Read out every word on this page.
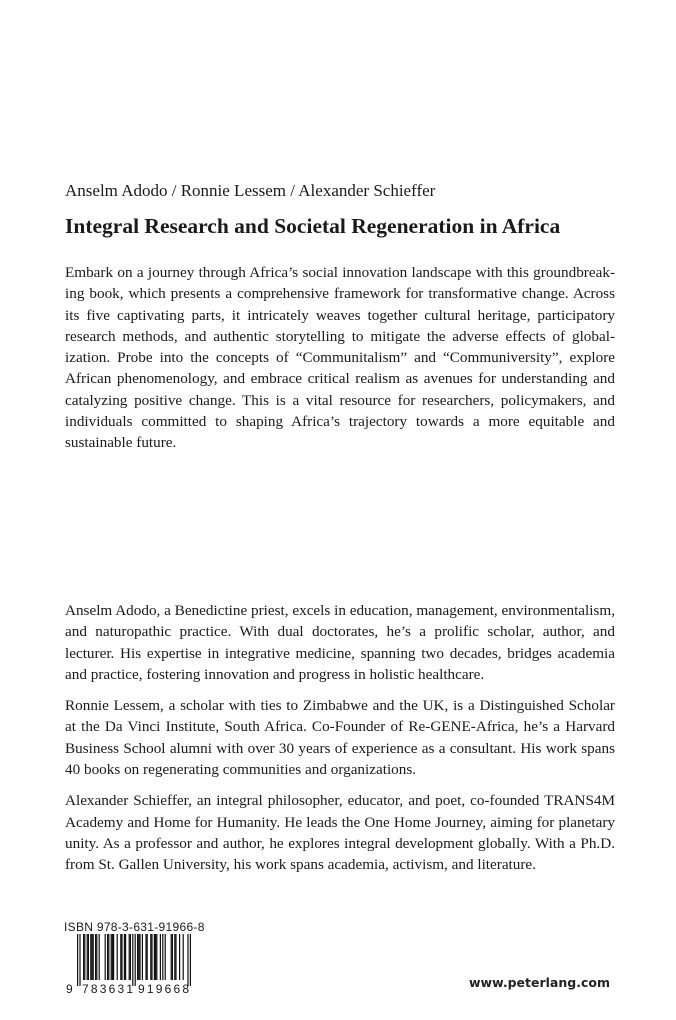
Anselm Adodo / Ronnie Lessem / Alexander Schieffer
Integral Research and Societal Regeneration in Africa

Embark on a journey through Africa’s social innovation landscape with this groundbreaking book, which presents a comprehensive framework for transformative change. Across its five captivating parts, it intricately weaves together cultural heritage, participatory research methods, and authentic storytelling to mitigate the adverse effects of globalization. Probe into the concepts of “Communitalism” and “Communiversity”, explore African phenomenology, and embrace critical realism as avenues for understanding and catalyzing positive change. This is a vital resource for researchers, policymakers, and individuals committed to shaping Africa’s trajectory towards a more equitable and sustainable future.

Anselm Adodo, a Benedictine priest, excels in education, management, environmentalism, and naturopathic practice. With dual doctorates, he’s a prolific scholar, author, and lecturer. His expertise in integrative medicine, spanning two decades, bridges academia and practice, fostering innovation and progress in holistic healthcare.

Ronnie Lessem, a scholar with ties to Zimbabwe and the UK, is a Distinguished Scholar at the Da Vinci Institute, South Africa. Co-Founder of Re-GENE-Africa, he’s a Harvard Business School alumni with over 30 years of experience as a consultant. His work spans 40 books on regenerating communities and organizations.

Alexander Schieffer, an integral philosopher, educator, and poet, co-founded TRANS4M Academy and Home for Humanity. He leads the One Home Journey, aiming for planetary unity. As a professor and author, he explores integral development globally. With a Ph.D. from St. Gallen University, his work spans academia, activism, and literature.

ISBN 978-3-631-91966-8

9 783631 919668	www.peterlang.com
